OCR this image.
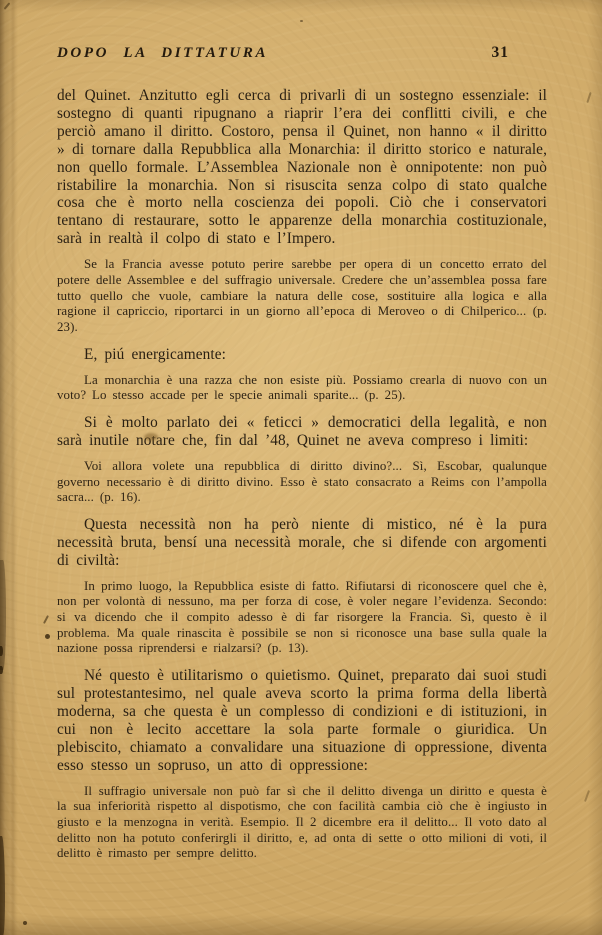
DOPO LA DITTATURA	31

del Quinet. Anzitutto egli cerca di privarli di un sostegno essenziale: il sostegno di quanti ripugnano a riaprir l’era dei conflitti civili, e che perciò amano il diritto. Costoro, pensa il Quinet, non hanno « il diritto » di tornare dalla Repubblica alla Monarchia: il diritto storico e naturale, non quello formale. L’Assemblea Nazionale non è onnipotente: non può ristabilire la monarchia. Non si risuscita senza colpo di stato qualche cosa che è morto nella coscienza dei popoli. Ciò che i conservatori tentano di restaurare, sotto le apparenze della monarchia costituzionale, sarà in realtà il colpo di stato e l’Impero.

Se la Francia avesse potuto perire sarebbe per opera di un concetto errato del potere delle Assemblee e del suffragio universale. Credere che un’assemblea possa fare tutto quello che vuole, cambiare la natura delle cose, sostituire alla logica e alla ragione il capriccio, riportarci in un giorno all’epoca di Meroveo o di Chilperico... (p. 23).

E, piú energicamente:

La monarchia è una razza che non esiste più. Possiamo crearla di nuovo con un voto? Lo stesso accade per le specie animali sparite... (p. 25).

Si è molto parlato dei « feticci » democratici della legalità, e non sarà inutile notare che, fin dal ’48, Quinet ne aveva compreso i limiti:

Voi allora volete una repubblica di diritto divino?... Sì, Escobar, qualunque governo necessario è di diritto divino. Esso è stato consacrato a Reims con l’ampolla sacra... (p. 16).

Questa necessità non ha però niente di mistico, né è la pura necessità bruta, bensí una necessità morale, che si difende con argomenti di civiltà:

In primo luogo, la Repubblica esiste di fatto. Rifiutarsi di riconoscere quel che è, non per volontà di nessuno, ma per forza di cose, è voler negare l’evidenza. Secondo: si va dicendo che il compito adesso è di far risorgere la Francia. Sì, questo è il problema. Ma quale rinascita è possibile se non si riconosce una base sulla quale la nazione possa riprendersi e rialzarsi? (p. 13).

Né questo è utilitarismo o quietismo. Quinet, preparato dai suoi studi sul protestantesimo, nel quale aveva scorto la prima forma della libertà moderna, sa che questa è un complesso di condizioni e di istituzioni, in cui non è lecito accettare la sola parte formale o giuridica. Un plebiscito, chiamato a convalidare una situazione di oppressione, diventa esso stesso un sopruso, un atto di oppressione:

Il suffragio universale non può far sì che il delitto divenga un diritto e questa è la sua inferiorità rispetto al dispotismo, che con facilità cambia ciò che è ingiusto in giusto e la menzogna in verità. Esempio. Il 2 dicembre era il delitto... Il voto dato al delitto non ha potuto conferirgli il diritto, e, ad onta di sette o otto milioni di voti, il delitto è rimasto per sempre delitto.
